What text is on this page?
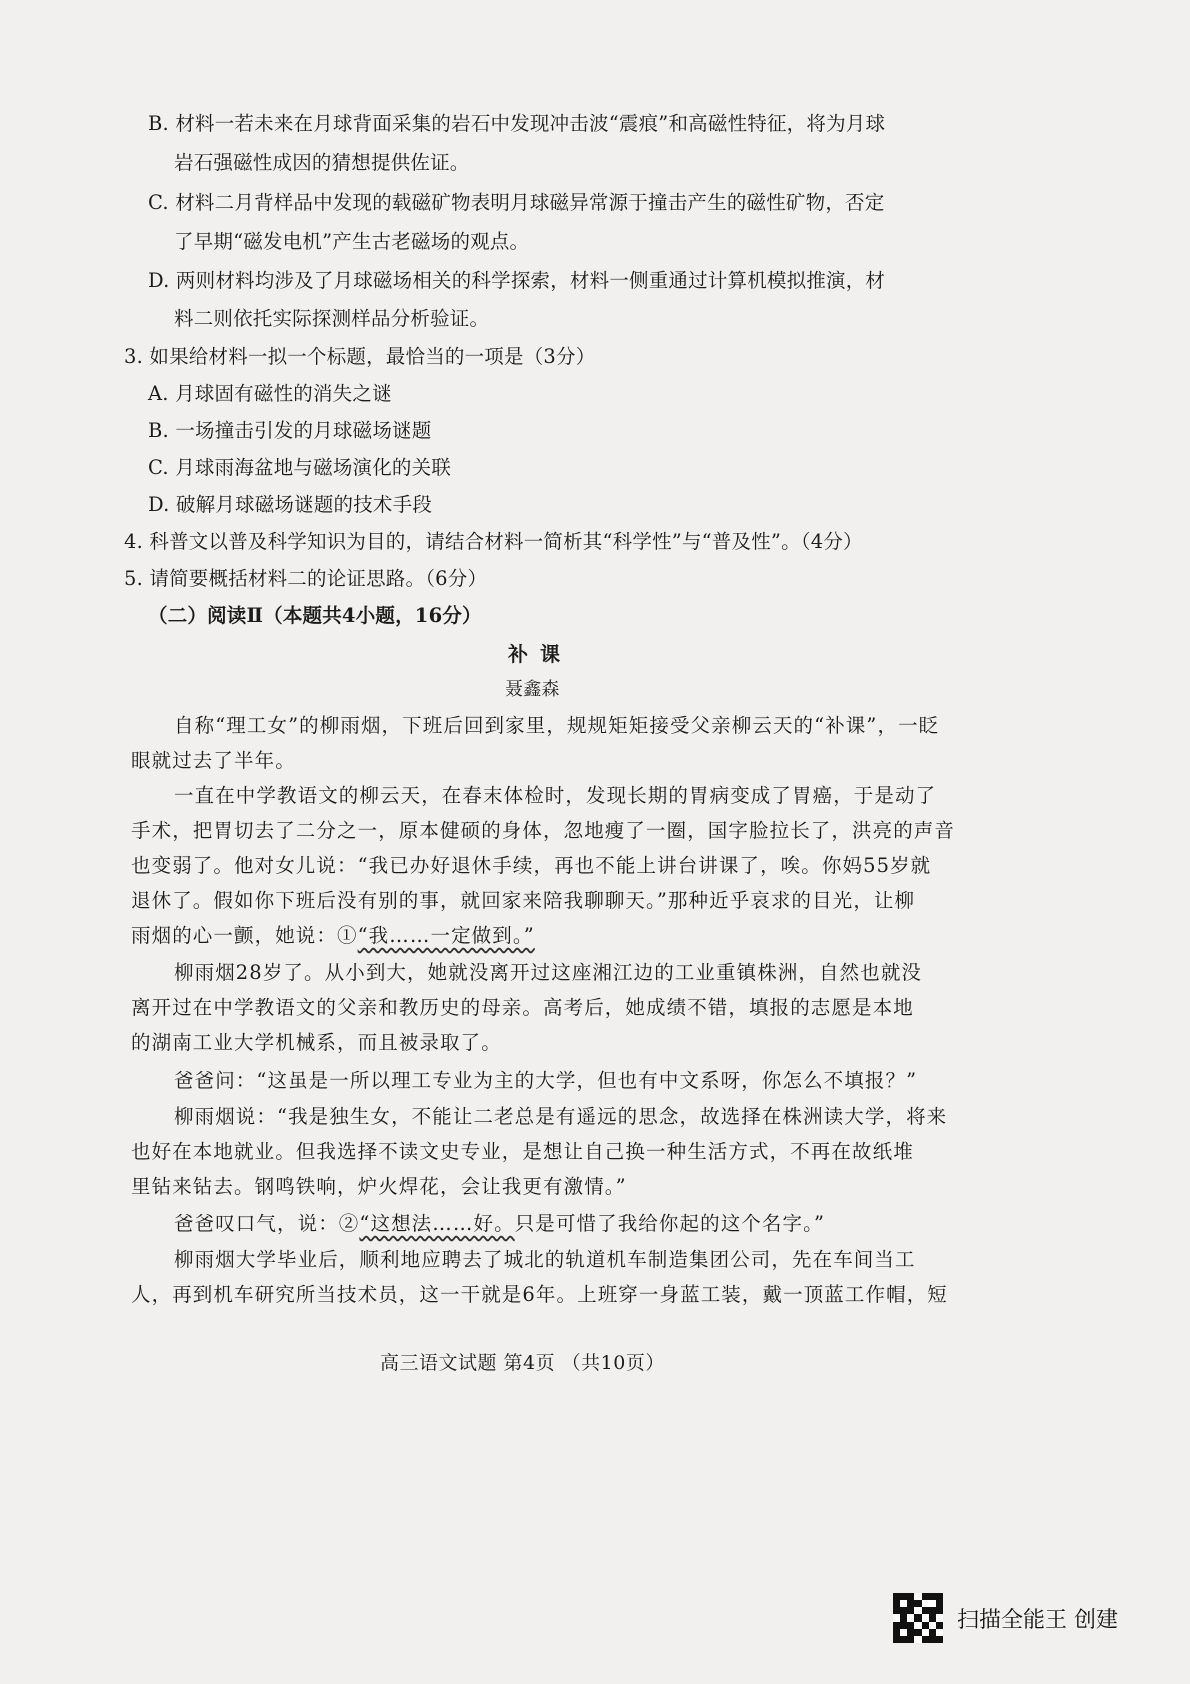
B. 材料一若未来在月球背面采集的岩石中发现冲击波“震痕”和高磁性特征，将为月球
岩石强磁性成因的猜想提供佐证。
C. 材料二月背样品中发现的载磁矿物表明月球磁异常源于撞击产生的磁性矿物，否定
了早期“磁发电机”产生古老磁场的观点。
D. 两则材料均涉及了月球磁场相关的科学探索，材料一侧重通过计算机模拟推演，材
料二则依托实际探测样品分析验证。
3. 如果给材料一拟一个标题，最恰当的一项是（3分）
A. 月球固有磁性的消失之谜
B. 一场撞击引发的月球磁场谜题
C. 月球雨海盆地与磁场演化的关联
D. 破解月球磁场谜题的技术手段
4. 科普文以普及科学知识为目的，请结合材料一简析其“科学性”与“普及性”。（4分）
5. 请简要概括材料二的论证思路。（6分）
（二）阅读Ⅱ（本题共4小题，16分）
补课
聂鑫森
自称“理工女”的柳雨烟，下班后回到家里，规规矩矩接受父亲柳云天的“补课”，一眨
眼就过去了半年。
一直在中学教语文的柳云天，在春末体检时，发现长期的胃病变成了胃癌，于是动了
手术，把胃切去了二分之一，原本健硕的身体，忽地瘦了一圈，国字脸拉长了，洪亮的声音
也变弱了。他对女儿说：“我已办好退休手续，再也不能上讲台讲课了，唉。你妈55岁就
退休了。假如你下班后没有别的事，就回家来陪我聊聊天。”那种近乎哀求的目光，让柳
雨烟的心一颤，她说：①“我……一定做到。”
柳雨烟28岁了。从小到大，她就没离开过这座湘江边的工业重镇株洲，自然也就没
离开过在中学教语文的父亲和教历史的母亲。高考后，她成绩不错，填报的志愿是本地
的湖南工业大学机械系，而且被录取了。
爸爸问：“这虽是一所以理工专业为主的大学，但也有中文系呀，你怎么不填报？”
柳雨烟说：“我是独生女，不能让二老总是有遥远的思念，故选择在株洲读大学，将来
也好在本地就业。但我选择不读文史专业，是想让自己换一种生活方式，不再在故纸堆
里钻来钻去。钢鸣铁响，炉火焊花，会让我更有激情。”
爸爸叹口气，说：②“这想法……好。只是可惜了我给你起的这个名字。”
柳雨烟大学毕业后，顺利地应聘去了城北的轨道机车制造集团公司，先在车间当工
人，再到机车研究所当技术员，这一干就是6年。上班穿一身蓝工装，戴一顶蓝工作帽，短
高三语文试题 第4页 （共10页）
扫描全能王 创建
